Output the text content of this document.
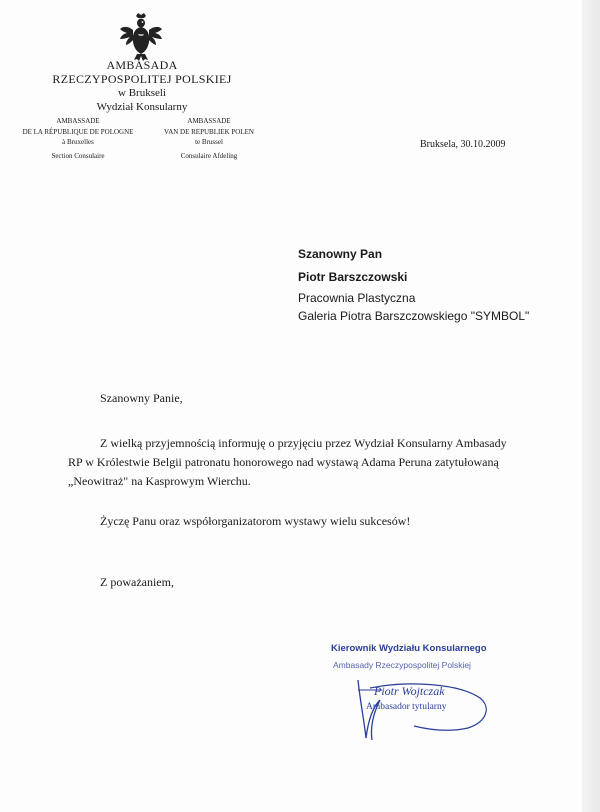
AMBASADA
RZECZYPOSPOLITEJ POLSKIEJ
w Brukseli
Wydział Konsularny
AMBASSADE
DE LA RÉPUBLIQUE DE POLOGNE
à Bruxelles
Section Consulaire
AMBASSADE
VAN DE REPUBLIEK POLEN
te Brussel
Consulaire Afdeling
Bruksela, 30.10.2009
Szanowny Pan
Piotr Barszczowski
Pracownia Plastyczna
Galeria Piotra Barszczowskiego "SYMBOL"
Szanowny Panie,
Z wielką przyjemnością informuję o przyjęciu przez Wydział Konsularny Ambasady
RP w Królestwie Belgii patronatu honorowego nad wystawą Adama Peruna zatytułowaną
„Neowitraż" na Kasprowym Wierchu.
Życzę Panu oraz współorganizatorom wystawy wielu sukcesów!
Z poważaniem,
Kierownik Wydziału Konsularnego
Ambasady Rzeczypospolitej Polskiej
Piotr Wojtczak
Ambasador tytularny
